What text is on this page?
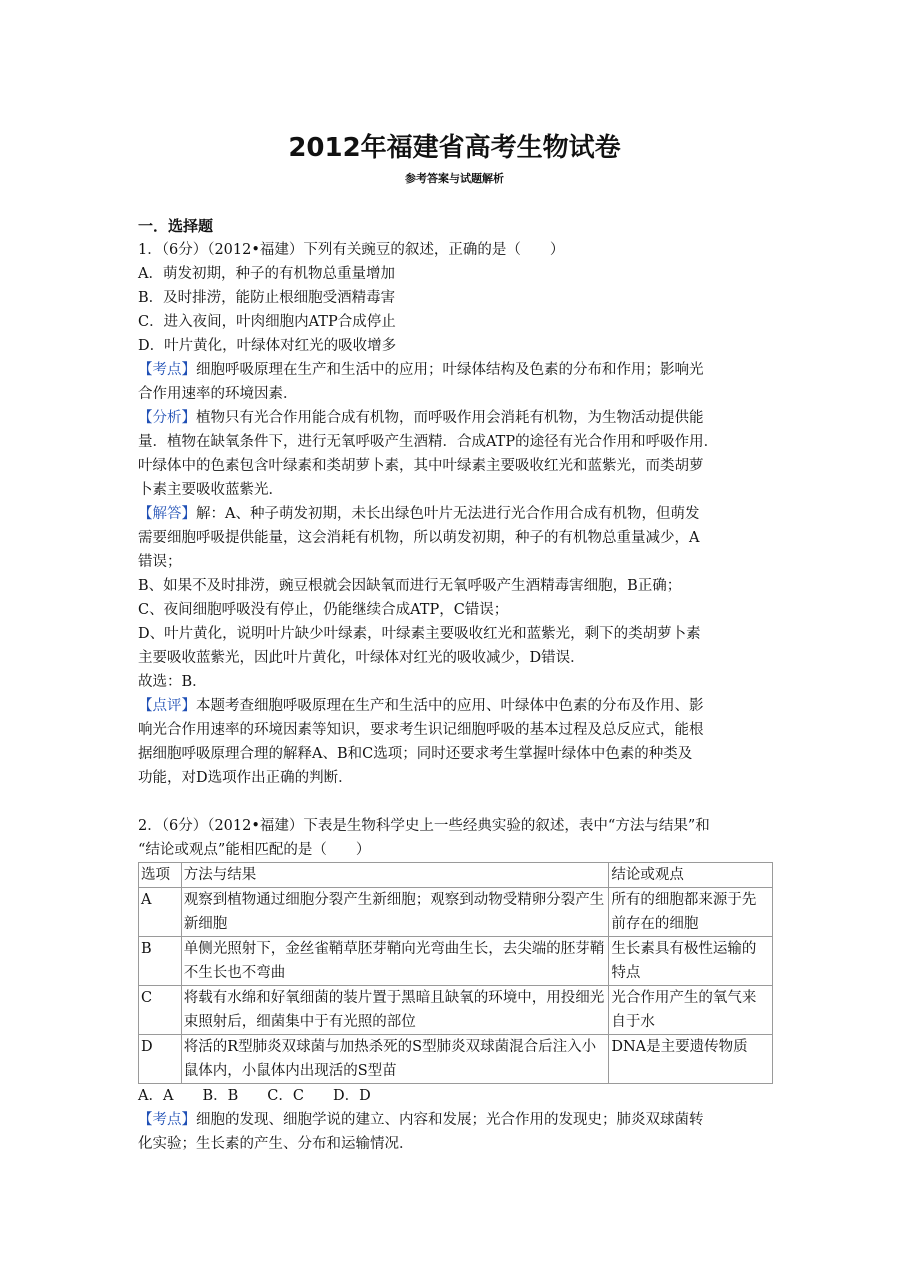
2012年福建省高考生物试卷
参考答案与试题解析
一．选择题
1．（6分）（2012•福建）下列有关豌豆的叙述，正确的是（　　）
A．萌发初期，种子的有机物总重量增加
B．及时排涝，能防止根细胞受酒精毒害
C．进入夜间，叶肉细胞内ATP合成停止
D．叶片黄化，叶绿体对红光的吸收增多
【考点】细胞呼吸原理在生产和生活中的应用；叶绿体结构及色素的分布和作用；影响光
合作用速率的环境因素．
【分析】植物只有光合作用能合成有机物，而呼吸作用会消耗有机物，为生物活动提供能
量．植物在缺氧条件下，进行无氧呼吸产生酒精．合成ATP的途径有光合作用和呼吸作用．
叶绿体中的色素包含叶绿素和类胡萝卜素，其中叶绿素主要吸收红光和蓝紫光，而类胡萝
卜素主要吸收蓝紫光．
【解答】解：A、种子萌发初期，未长出绿色叶片无法进行光合作用合成有机物，但萌发
需要细胞呼吸提供能量，这会消耗有机物，所以萌发初期，种子的有机物总重量减少，A
错误；
B、如果不及时排涝，豌豆根就会因缺氧而进行无氧呼吸产生酒精毒害细胞，B正确；
C、夜间细胞呼吸没有停止，仍能继续合成ATP，C错误；
D、叶片黄化，说明叶片缺少叶绿素，叶绿素主要吸收红光和蓝紫光，剩下的类胡萝卜素
主要吸收蓝紫光，因此叶片黄化，叶绿体对红光的吸收减少，D错误．
故选：B．
【点评】本题考查细胞呼吸原理在生产和生活中的应用、叶绿体中色素的分布及作用、影
响光合作用速率的环境因素等知识，要求考生识记细胞呼吸的基本过程及总反应式，能根
据细胞呼吸原理合理的解释A、B和C选项；同时还要求考生掌握叶绿体中色素的种类及
功能，对D选项作出正确的判断．
2．（6分）（2012•福建）下表是生物科学史上一些经典实验的叙述，表中“方法与结果”和
“结论或观点”能相匹配的是（　　）
选项	方法与结果	结论或观点
A	观察到植物通过细胞分裂产生新细胞；观察到动物受精卵分裂产生新细胞	所有的细胞都来源于先前存在的细胞
B	单侧光照射下，金丝雀鞘草胚芽鞘向光弯曲生长，去尖端的胚芽鞘不生长也不弯曲	生长素具有极性运输的特点
C	将载有水绵和好氧细菌的装片置于黑暗且缺氧的环境中，用投细光束照射后，细菌集中于有光照的部位	光合作用产生的氧气来自于水
D	将活的R型肺炎双球菌与加热杀死的S型肺炎双球菌混合后注入小鼠体内，小鼠体内出现活的S型苗	DNA是主要遗传物质
A．A　　B．B　　C．C　　D．D
【考点】细胞的发现、细胞学说的建立、内容和发展；光合作用的发现史；肺炎双球菌转
化实验；生长素的产生、分布和运输情况．
